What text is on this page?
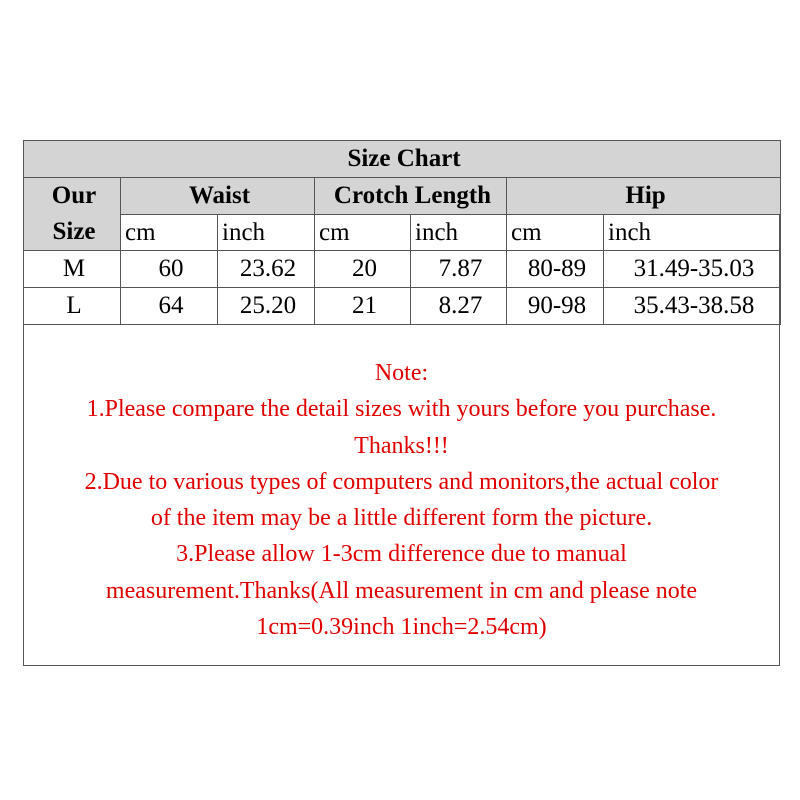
Size Chart						

Our
Size	Waist		Crotch Length		Hip	
	cm	inch	cm	inch	cm	inch
M	60	23.62	20	7.87	80-89	31.49-35.03
L	64	25.20	21	8.27	90-98	35.43-38.58
Note:
1.Please compare the detail sizes with yours before you purchase.
Thanks!!!
2.Due to various types of computers and monitors,the actual color
of the item may be a little different form the picture.
3.Please allow 1-3cm difference due to manual
measurement.Thanks(All measurement in cm and please note
1cm=0.39inch 1inch=2.54cm)
